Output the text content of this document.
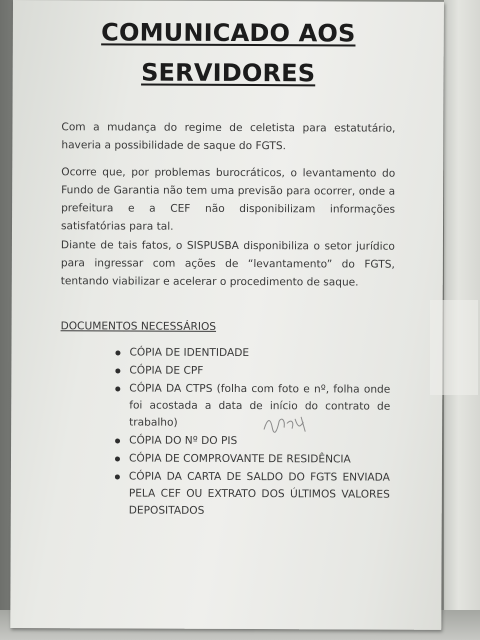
COMUNICADO AOS
SERVIDORES
Com a mudança do regime de celetista para estatutário, haveria a possibilidade de saque do FGTS.
Ocorre que, por problemas burocráticos, o levantamento do Fundo de Garantia não tem uma previsão para ocorrer, onde a prefeitura e a CEF não disponibilizam informações satisfatórias para tal.
Diante de tais fatos, o SISPUSBA disponibiliza o setor jurídico para ingressar com ações de “levantamento” do FGTS, tentando viabilizar e acelerar o procedimento de saque.
DOCUMENTOS NECESSÁRIOS
CÓPIA DE IDENTIDADE
CÓPIA DE CPF
CÓPIA DA CTPS (folha com foto e nº, folha onde foi acostada a data de início do contrato de trabalho)
CÓPIA DO Nº DO PIS
CÓPIA DE COMPROVANTE DE RESIDÊNCIA
CÓPIA DA CARTA DE SALDO DO FGTS ENVIADA PELA CEF OU EXTRATO DOS ÚLTIMOS VALORES DEPOSITADOS
